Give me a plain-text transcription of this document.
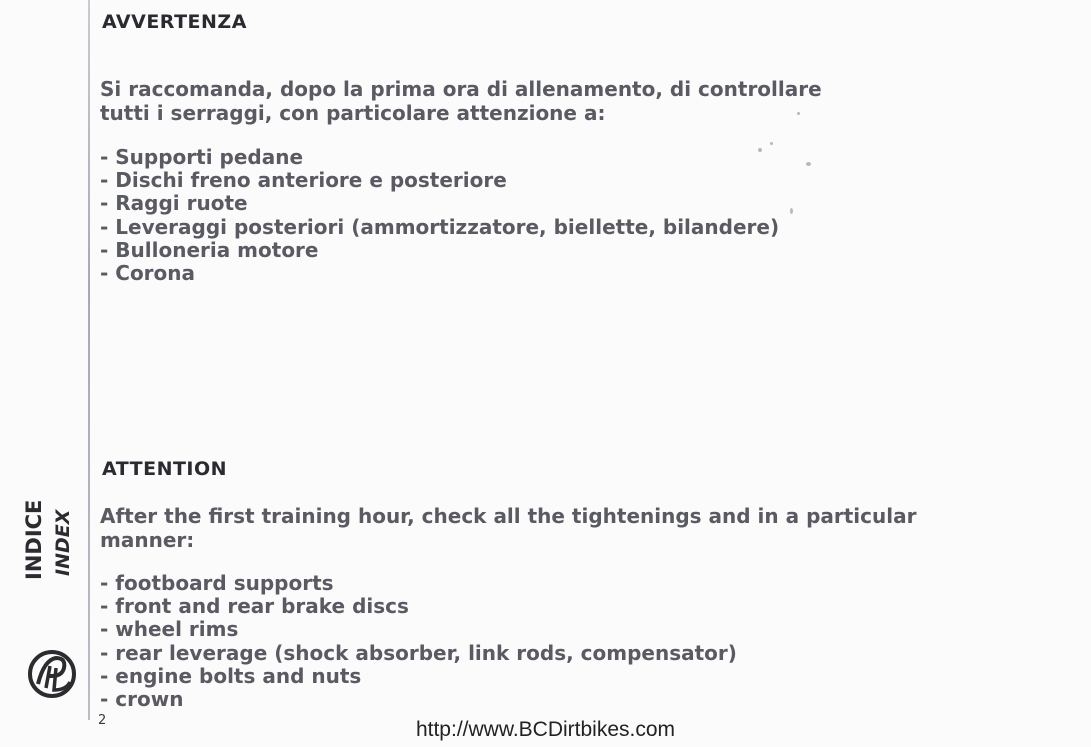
AVVERTENZA

Si raccomanda, dopo la prima ora di allenamento, di controllare
tutti i serraggi, con particolare attenzione a:

- Supporti pedane
- Dischi freno anteriore e posteriore
- Raggi ruote
- Leveraggi posteriori (ammortizzatore, biellette, bilandere)
- Bulloneria motore
- Corona
ATTENTION

After the first training hour, check all the tightenings and in a particular
manner:

- footboard supports
- front and rear brake discs
- wheel rims
- rear leverage (shock absorber, link rods, compensator)
- engine bolts and nuts
- crown
INDICE INDEX
2	http://www.BCDirtbikes.com
